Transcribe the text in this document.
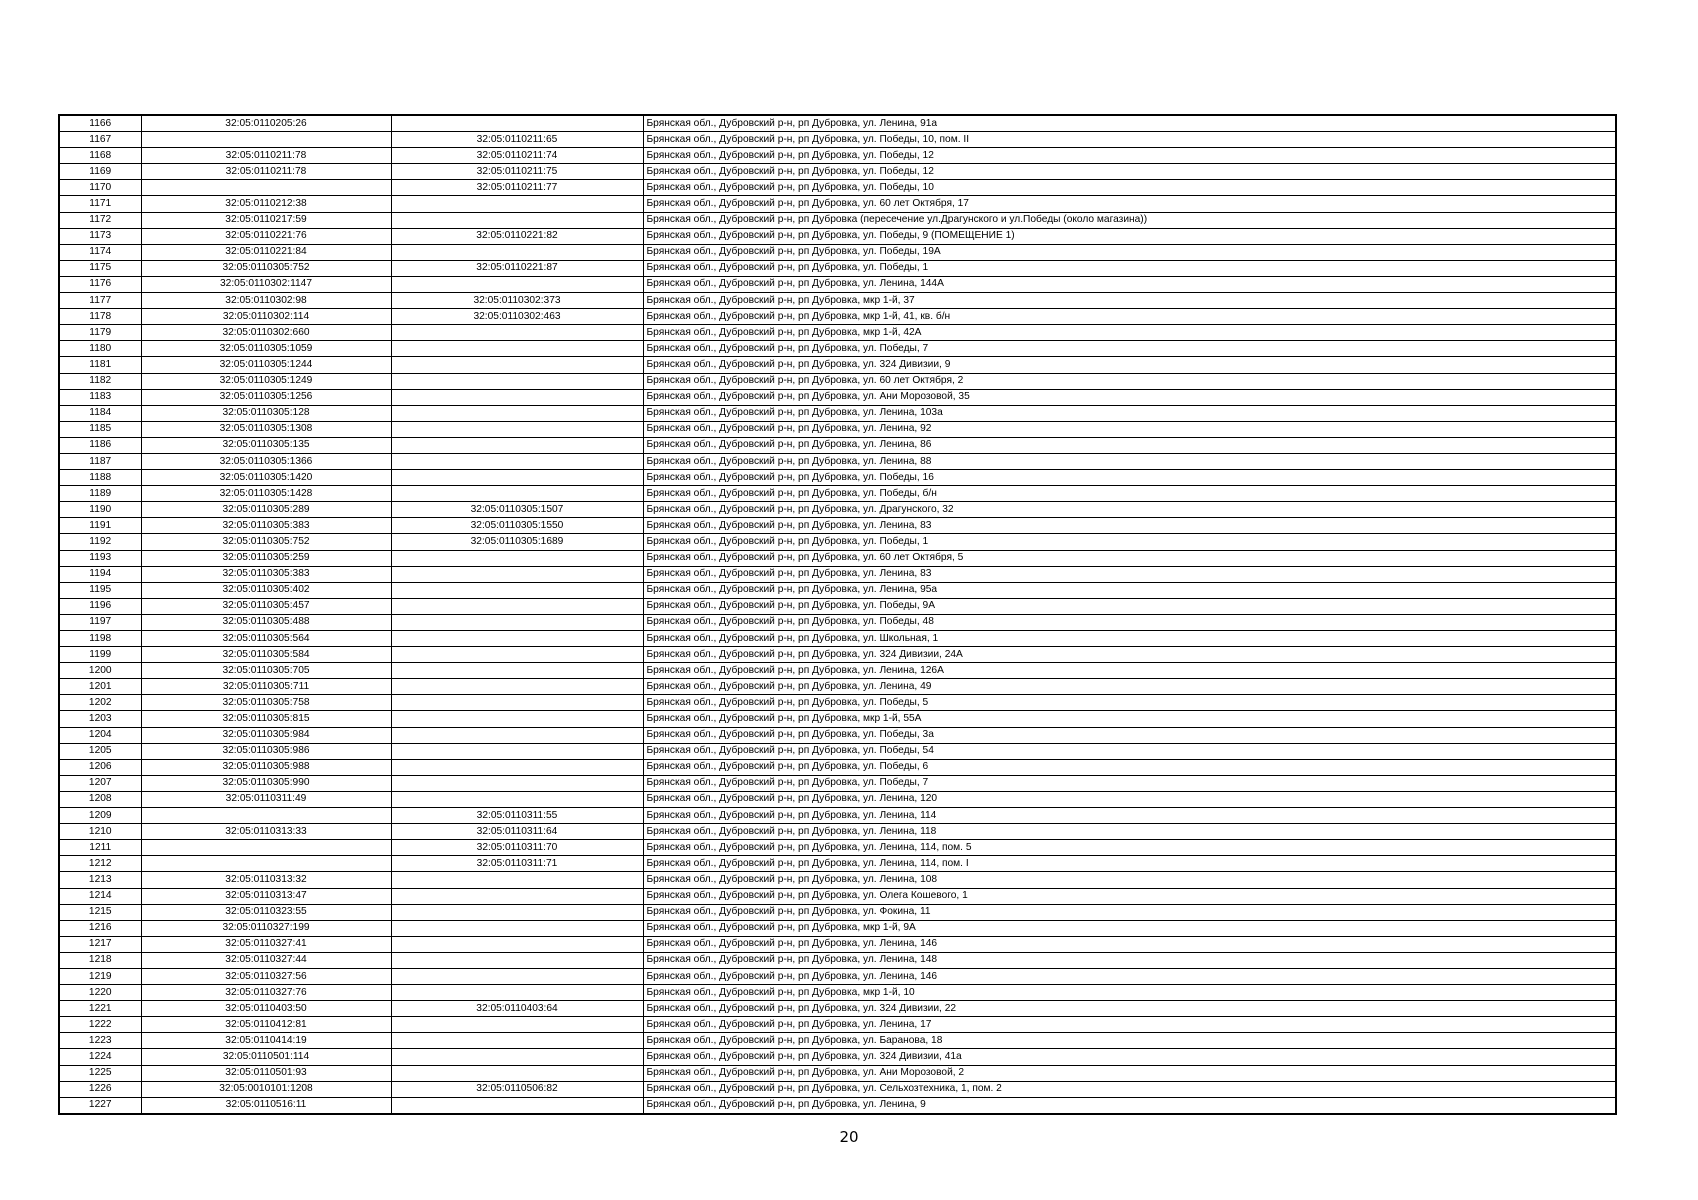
1166	32:05:0110205:26		Брянская обл., Дубровский р-н, рп Дубровка, ул. Ленина, 91а
1167		32:05:0110211:65	Брянская обл., Дубровский р-н, рп Дубровка, ул. Победы, 10, пом. II
1168	32:05:0110211:78	32:05:0110211:74	Брянская обл., Дубровский р-н, рп Дубровка, ул. Победы, 12
1169	32:05:0110211:78	32:05:0110211:75	Брянская обл., Дубровский р-н, рп Дубровка, ул. Победы, 12
1170		32:05:0110211:77	Брянская обл., Дубровский р-н, рп Дубровка, ул. Победы, 10
1171	32:05:0110212:38		Брянская обл., Дубровский р-н, рп Дубровка, ул. 60 лет Октября, 17
1172	32:05:0110217:59		Брянская обл., Дубровский р-н, рп Дубровка (пересечение ул.Драгунского и ул.Победы (около магазина))
1173	32:05:0110221:76	32:05:0110221:82	Брянская обл., Дубровский р-н, рп Дубровка, ул. Победы, 9 (ПОМЕЩЕНИЕ 1)
1174	32:05:0110221:84		Брянская обл., Дубровский р-н, рп Дубровка, ул. Победы, 19А
1175	32:05:0110305:752	32:05:0110221:87	Брянская обл., Дубровский р-н, рп Дубровка, ул. Победы, 1
1176	32:05:0110302:1147		Брянская обл., Дубровский р-н, рп Дубровка, ул. Ленина, 144А
1177	32:05:0110302:98	32:05:0110302:373	Брянская обл., Дубровский р-н, рп Дубровка, мкр 1-й, 37
1178	32:05:0110302:114	32:05:0110302:463	Брянская обл., Дубровский р-н, рп Дубровка, мкр 1-й, 41, кв. б/н
1179	32:05:0110302:660		Брянская обл., Дубровский р-н, рп Дубровка, мкр 1-й, 42А
1180	32:05:0110305:1059		Брянская обл., Дубровский р-н, рп Дубровка, ул. Победы, 7
1181	32:05:0110305:1244		Брянская обл., Дубровский р-н, рп Дубровка, ул. 324 Дивизии, 9
1182	32:05:0110305:1249		Брянская обл., Дубровский р-н, рп Дубровка, ул. 60 лет Октября, 2
1183	32:05:0110305:1256		Брянская обл., Дубровский р-н, рп Дубровка, ул. Ани Морозовой, 35
1184	32:05:0110305:128		Брянская обл., Дубровский р-н, рп Дубровка, ул. Ленина, 103а
1185	32:05:0110305:1308		Брянская обл., Дубровский р-н, рп Дубровка, ул. Ленина, 92
1186	32:05:0110305:135		Брянская обл., Дубровский р-н, рп Дубровка, ул. Ленина, 86
1187	32:05:0110305:1366		Брянская обл., Дубровский р-н, рп Дубровка, ул. Ленина, 88
1188	32:05:0110305:1420		Брянская обл., Дубровский р-н, рп Дубровка, ул. Победы, 16
1189	32:05:0110305:1428		Брянская обл., Дубровский р-н, рп Дубровка, ул. Победы, б/н
1190	32:05:0110305:289	32:05:0110305:1507	Брянская обл., Дубровский р-н, рп Дубровка, ул. Драгунского, 32
1191	32:05:0110305:383	32:05:0110305:1550	Брянская обл., Дубровский р-н, рп Дубровка, ул. Ленина, 83
1192	32:05:0110305:752	32:05:0110305:1689	Брянская обл., Дубровский р-н, рп Дубровка, ул. Победы, 1
1193	32:05:0110305:259		Брянская обл., Дубровский р-н, рп Дубровка, ул. 60 лет Октября, 5
1194	32:05:0110305:383		Брянская обл., Дубровский р-н, рп Дубровка, ул. Ленина, 83
1195	32:05:0110305:402		Брянская обл., Дубровский р-н, рп Дубровка, ул. Ленина, 95а
1196	32:05:0110305:457		Брянская обл., Дубровский р-н, рп Дубровка, ул. Победы, 9А
1197	32:05:0110305:488		Брянская обл., Дубровский р-н, рп Дубровка, ул. Победы, 48
1198	32:05:0110305:564		Брянская обл., Дубровский р-н, рп Дубровка, ул. Школьная, 1
1199	32:05:0110305:584		Брянская обл., Дубровский р-н, рп Дубровка, ул. 324 Дивизии, 24А
1200	32:05:0110305:705		Брянская обл., Дубровский р-н, рп Дубровка, ул. Ленина, 126А
1201	32:05:0110305:711		Брянская обл., Дубровский р-н, рп Дубровка, ул. Ленина, 49
1202	32:05:0110305:758		Брянская обл., Дубровский р-н, рп Дубровка, ул. Победы, 5
1203	32:05:0110305:815		Брянская обл., Дубровский р-н, рп Дубровка, мкр 1-й, 55А
1204	32:05:0110305:984		Брянская обл., Дубровский р-н, рп Дубровка, ул. Победы, 3а
1205	32:05:0110305:986		Брянская обл., Дубровский р-н, рп Дубровка, ул. Победы, 54
1206	32:05:0110305:988		Брянская обл., Дубровский р-н, рп Дубровка, ул. Победы, 6
1207	32:05:0110305:990		Брянская обл., Дубровский р-н, рп Дубровка, ул. Победы, 7
1208	32:05:0110311:49		Брянская обл., Дубровский р-н, рп Дубровка, ул. Ленина, 120
1209		32:05:0110311:55	Брянская обл., Дубровский р-н, рп Дубровка, ул. Ленина, 114
1210	32:05:0110313:33	32:05:0110311:64	Брянская обл., Дубровский р-н, рп Дубровка, ул. Ленина, 118
1211		32:05:0110311:70	Брянская обл., Дубровский р-н, рп Дубровка, ул. Ленина, 114, пом. 5
1212		32:05:0110311:71	Брянская обл., Дубровский р-н, рп Дубровка, ул. Ленина, 114, пом. I
1213	32:05:0110313:32		Брянская обл., Дубровский р-н, рп Дубровка, ул. Ленина, 108
1214	32:05:0110313:47		Брянская обл., Дубровский р-н, рп Дубровка, ул. Олега Кошевого, 1
1215	32:05:0110323:55		Брянская обл., Дубровский р-н, рп Дубровка, ул. Фокина, 11
1216	32:05:0110327:199		Брянская обл., Дубровский р-н, рп Дубровка, мкр 1-й, 9А
1217	32:05:0110327:41		Брянская обл., Дубровский р-н, рп Дубровка, ул. Ленина, 146
1218	32:05:0110327:44		Брянская обл., Дубровский р-н, рп Дубровка, ул. Ленина, 148
1219	32:05:0110327:56		Брянская обл., Дубровский р-н, рп Дубровка, ул. Ленина, 146
1220	32:05:0110327:76		Брянская обл., Дубровский р-н, рп Дубровка, мкр 1-й, 10
1221	32:05:0110403:50	32:05:0110403:64	Брянская обл., Дубровский р-н, рп Дубровка, ул. 324 Дивизии, 22
1222	32:05:0110412:81		Брянская обл., Дубровский р-н, рп Дубровка, ул. Ленина, 17
1223	32:05:0110414:19		Брянская обл., Дубровский р-н, рп Дубровка, ул. Баранова, 18
1224	32:05:0110501:114		Брянская обл., Дубровский р-н, рп Дубровка, ул. 324 Дивизии, 41а
1225	32:05:0110501:93		Брянская обл., Дубровский р-н, рп Дубровка, ул. Ани Морозовой, 2
1226	32:05:0010101:1208	32:05:0110506:82	Брянская обл., Дубровский р-н, рп Дубровка, ул. Сельхозтехника, 1, пом. 2
1227	32:05:0110516:11		Брянская обл., Дубровский р-н, рп Дубровка, ул. Ленина, 9
20
